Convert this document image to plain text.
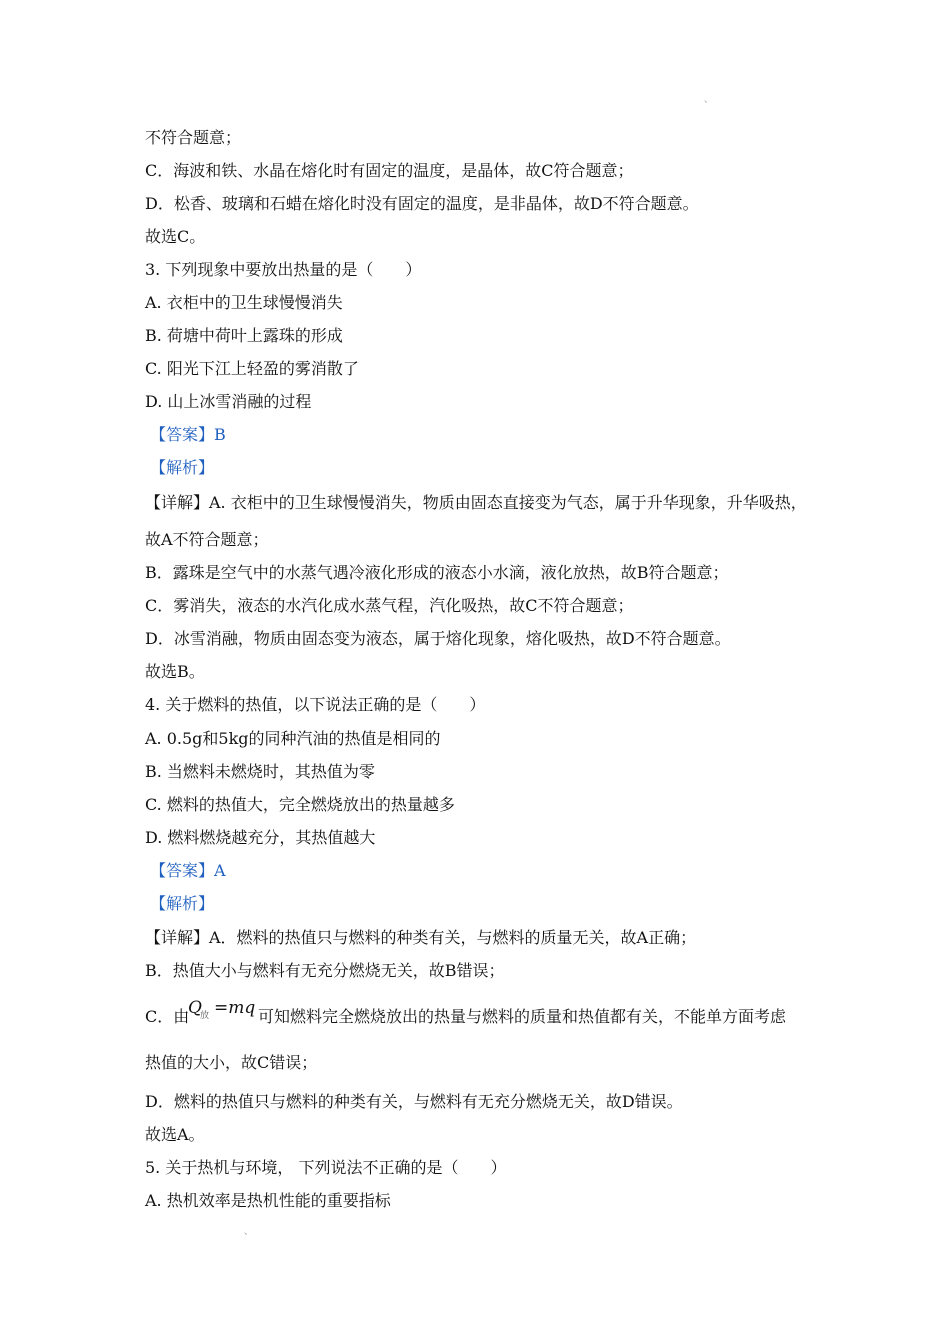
、
不符合题意；
C．海波和铁、水晶在熔化时有固定的温度，是晶体，故C符合题意；
D．松香、玻璃和石蜡在熔化时没有固定的温度，是非晶体，故D不符合题意。
故选C。
3. 下列现象中要放出热量的是（　　）
A. 衣柜中的卫生球慢慢消失
B. 荷塘中荷叶上露珠的形成
C. 阳光下江上轻盈的雾消散了
D. 山上冰雪消融的过程
【答案】B
【解析】
【详解】A. 衣柜中的卫生球慢慢消失，物质由固态直接变为气态，属于升华现象，升华吸热，
故A不符合题意；
B．露珠是空气中的水蒸气遇冷液化形成的液态小水滴，液化放热，故B符合题意；
C．雾消失，液态的水汽化成水蒸气程，汽化吸热，故C不符合题意；
D．冰雪消融，物质由固态变为液态，属于熔化现象，熔化吸热，故D不符合题意。
故选B。
4. 关于燃料的热值，以下说法正确的是（　　）
A. 0.5g和5kg的同种汽油的热值是相同的
B. 当燃料未燃烧时，其热值为零
C. 燃料的热值大，完全燃烧放出的热量越多
D. 燃料燃烧越充分，其热值越大
【答案】A
【解析】
【详解】A．燃料的热值只与燃料的种类有关，与燃料的质量无关，故A正确；
B．热值大小与燃料有无充分燃烧无关，故B错误；
C．由
Q
放 =mq 可知燃料完全燃烧放出的热量与燃料的质量和热值都有关，不能单方面考虑
热值的大小，故C错误；
D．燃料的热值只与燃料的种类有关，与燃料有无充分燃烧无关，故D错误。
故选A。
5. 关于热机与环境， 下列说法不正确的是（　　）
A. 热机效率是热机性能的重要指标
、
